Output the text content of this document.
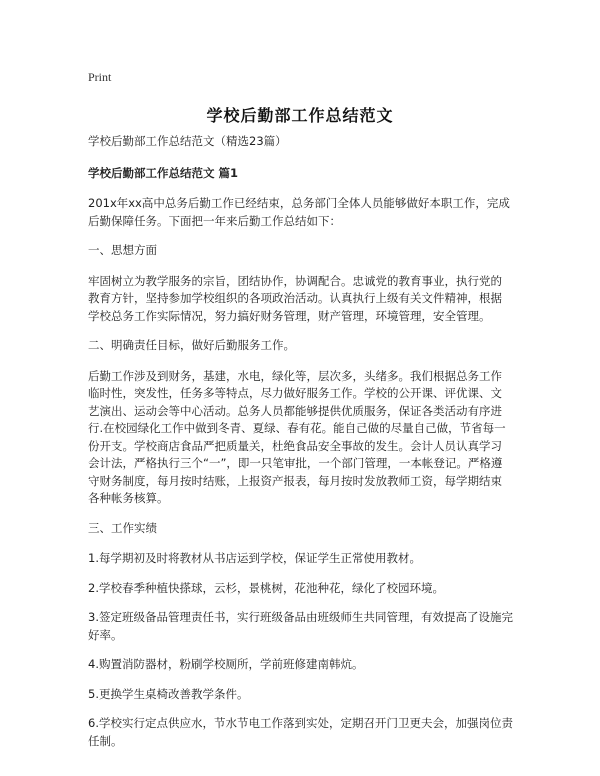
Print
学校后勤部工作总结范文

学校后勤部工作总结范文（精选23篇）

学校后勤部工作总结范文 篇1

201x年xx高中总务后勤工作已经结束，总务部门全体人员能够做好本职工作，完成后勤保障任务。下面把一年来后勤工作总结如下：

一、思想方面

牢固树立为教学服务的宗旨，团结协作，协调配合。忠诚党的教育事业，执行党的教育方针，坚持参加学校组织的各项政治活动。认真执行上级有关文件精神，根据学校总务工作实际情况，努力搞好财务管理，财产管理，环境管理，安全管理。

二、明确责任目标，做好后勤服务工作。

后勤工作涉及到财务，基建，水电，绿化等，层次多，头绪多。我们根据总务工作临时性，突发性，任务多等特点，尽力做好服务工作。学校的公开课、评优课、文艺演出、运动会等中心活动。总务人员都能够提供优质服务，保证各类活动有序进行.在校园绿化工作中做到冬青、夏绿、春有花。能自己做的尽量自己做，节省每一份开支。学校商店食品严把质量关，杜绝食品安全事故的发生。会计人员认真学习会计法，严格执行三个“一”，即一只笔审批，一个部门管理，一本帐登记。严格遵守财务制度，每月按时结账，上报资产报表，每月按时发放教师工资，每学期结束各种帐务核算。

三、工作实绩

1.每学期初及时将教材从书店运到学校，保证学生正常使用教材。

2.学校春季种植快搽球，云杉，景桃树，花池种花，绿化了校园环境。

3.签定班级备品管理责任书，实行班级备品由班级师生共同管理，有效提高了设施完好率。

4.购置消防器材，粉刷学校厕所，学前班修建南韩炕。

5.更换学生桌椅改善教学条件。

6.学校实行定点供应水，节水节电工作落到实处，定期召开门卫更夫会，加强岗位责任制。
